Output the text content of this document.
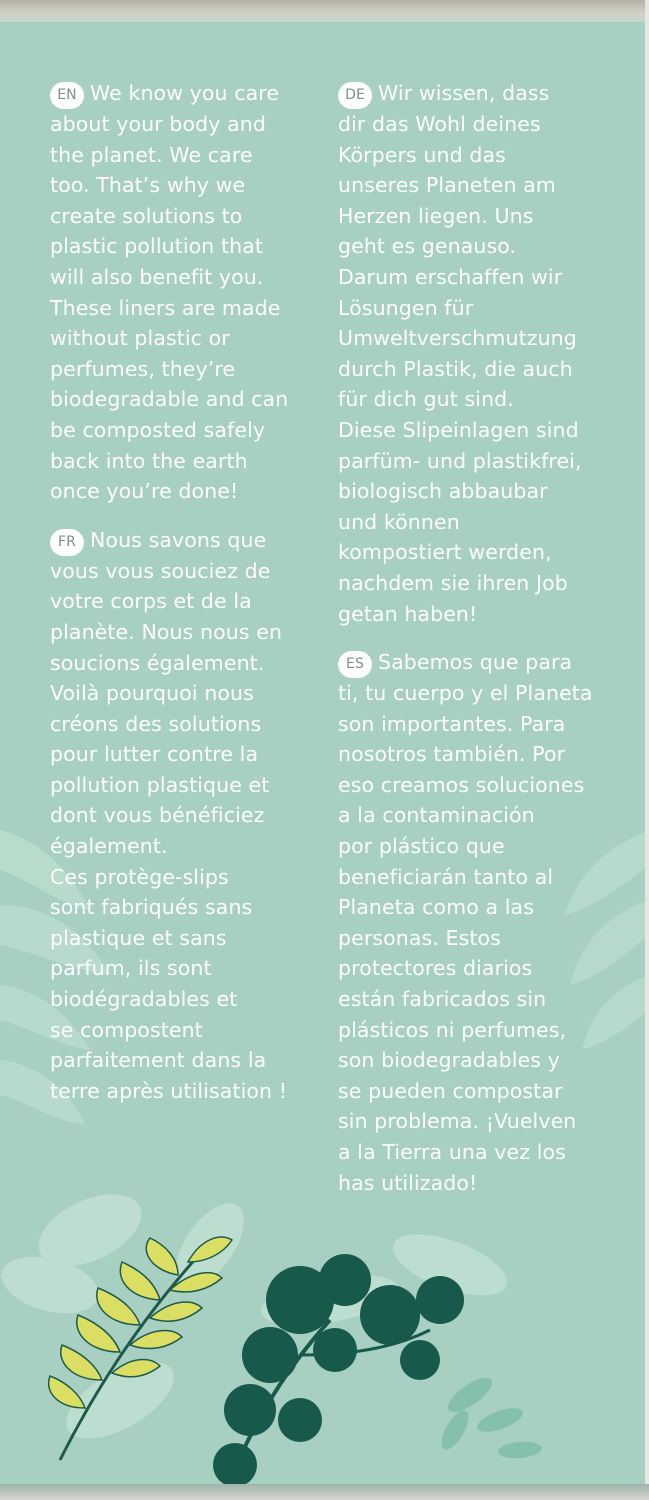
EN We know you care
about your body and
the planet. We care
too. That’s why we
create solutions to
plastic pollution that
will also benefit you.
These liners are made
without plastic or
perfumes, they’re
biodegradable and can
be composted safely
back into the earth
once you’re done!
FR Nous savons que
vous vous souciez de
votre corps et de la
planète. Nous nous en
soucions également.
Voilà pourquoi nous
créons des solutions
pour lutter contre la
pollution plastique et
dont vous bénéficiez
également.
Ces protège-slips
sont fabriqués sans
plastique et sans
parfum, ils sont
biodégradables et
se compostent
parfaitement dans la
terre après utilisation !
DE Wir wissen, dass
dir das Wohl deines
Körpers und das
unseres Planeten am
Herzen liegen. Uns
geht es genauso.
Darum erschaffen wir
Lösungen für
Umweltverschmutzung
durch Plastik, die auch
für dich gut sind.
Diese Slipeinlagen sind
parfüm- und plastikfrei,
biologisch abbaubar
und können
kompostiert werden,
nachdem sie ihren Job
getan haben!
ES Sabemos que para
ti, tu cuerpo y el Planeta
son importantes. Para
nosotros también. Por
eso creamos soluciones
a la contaminación
por plástico que
beneficiarán tanto al
Planeta como a las
personas. Estos
protectores diarios
están fabricados sin
plásticos ni perfumes,
son biodegradables y
se pueden compostar
sin problema. ¡Vuelven
a la Tierra una vez los
has utilizado!
